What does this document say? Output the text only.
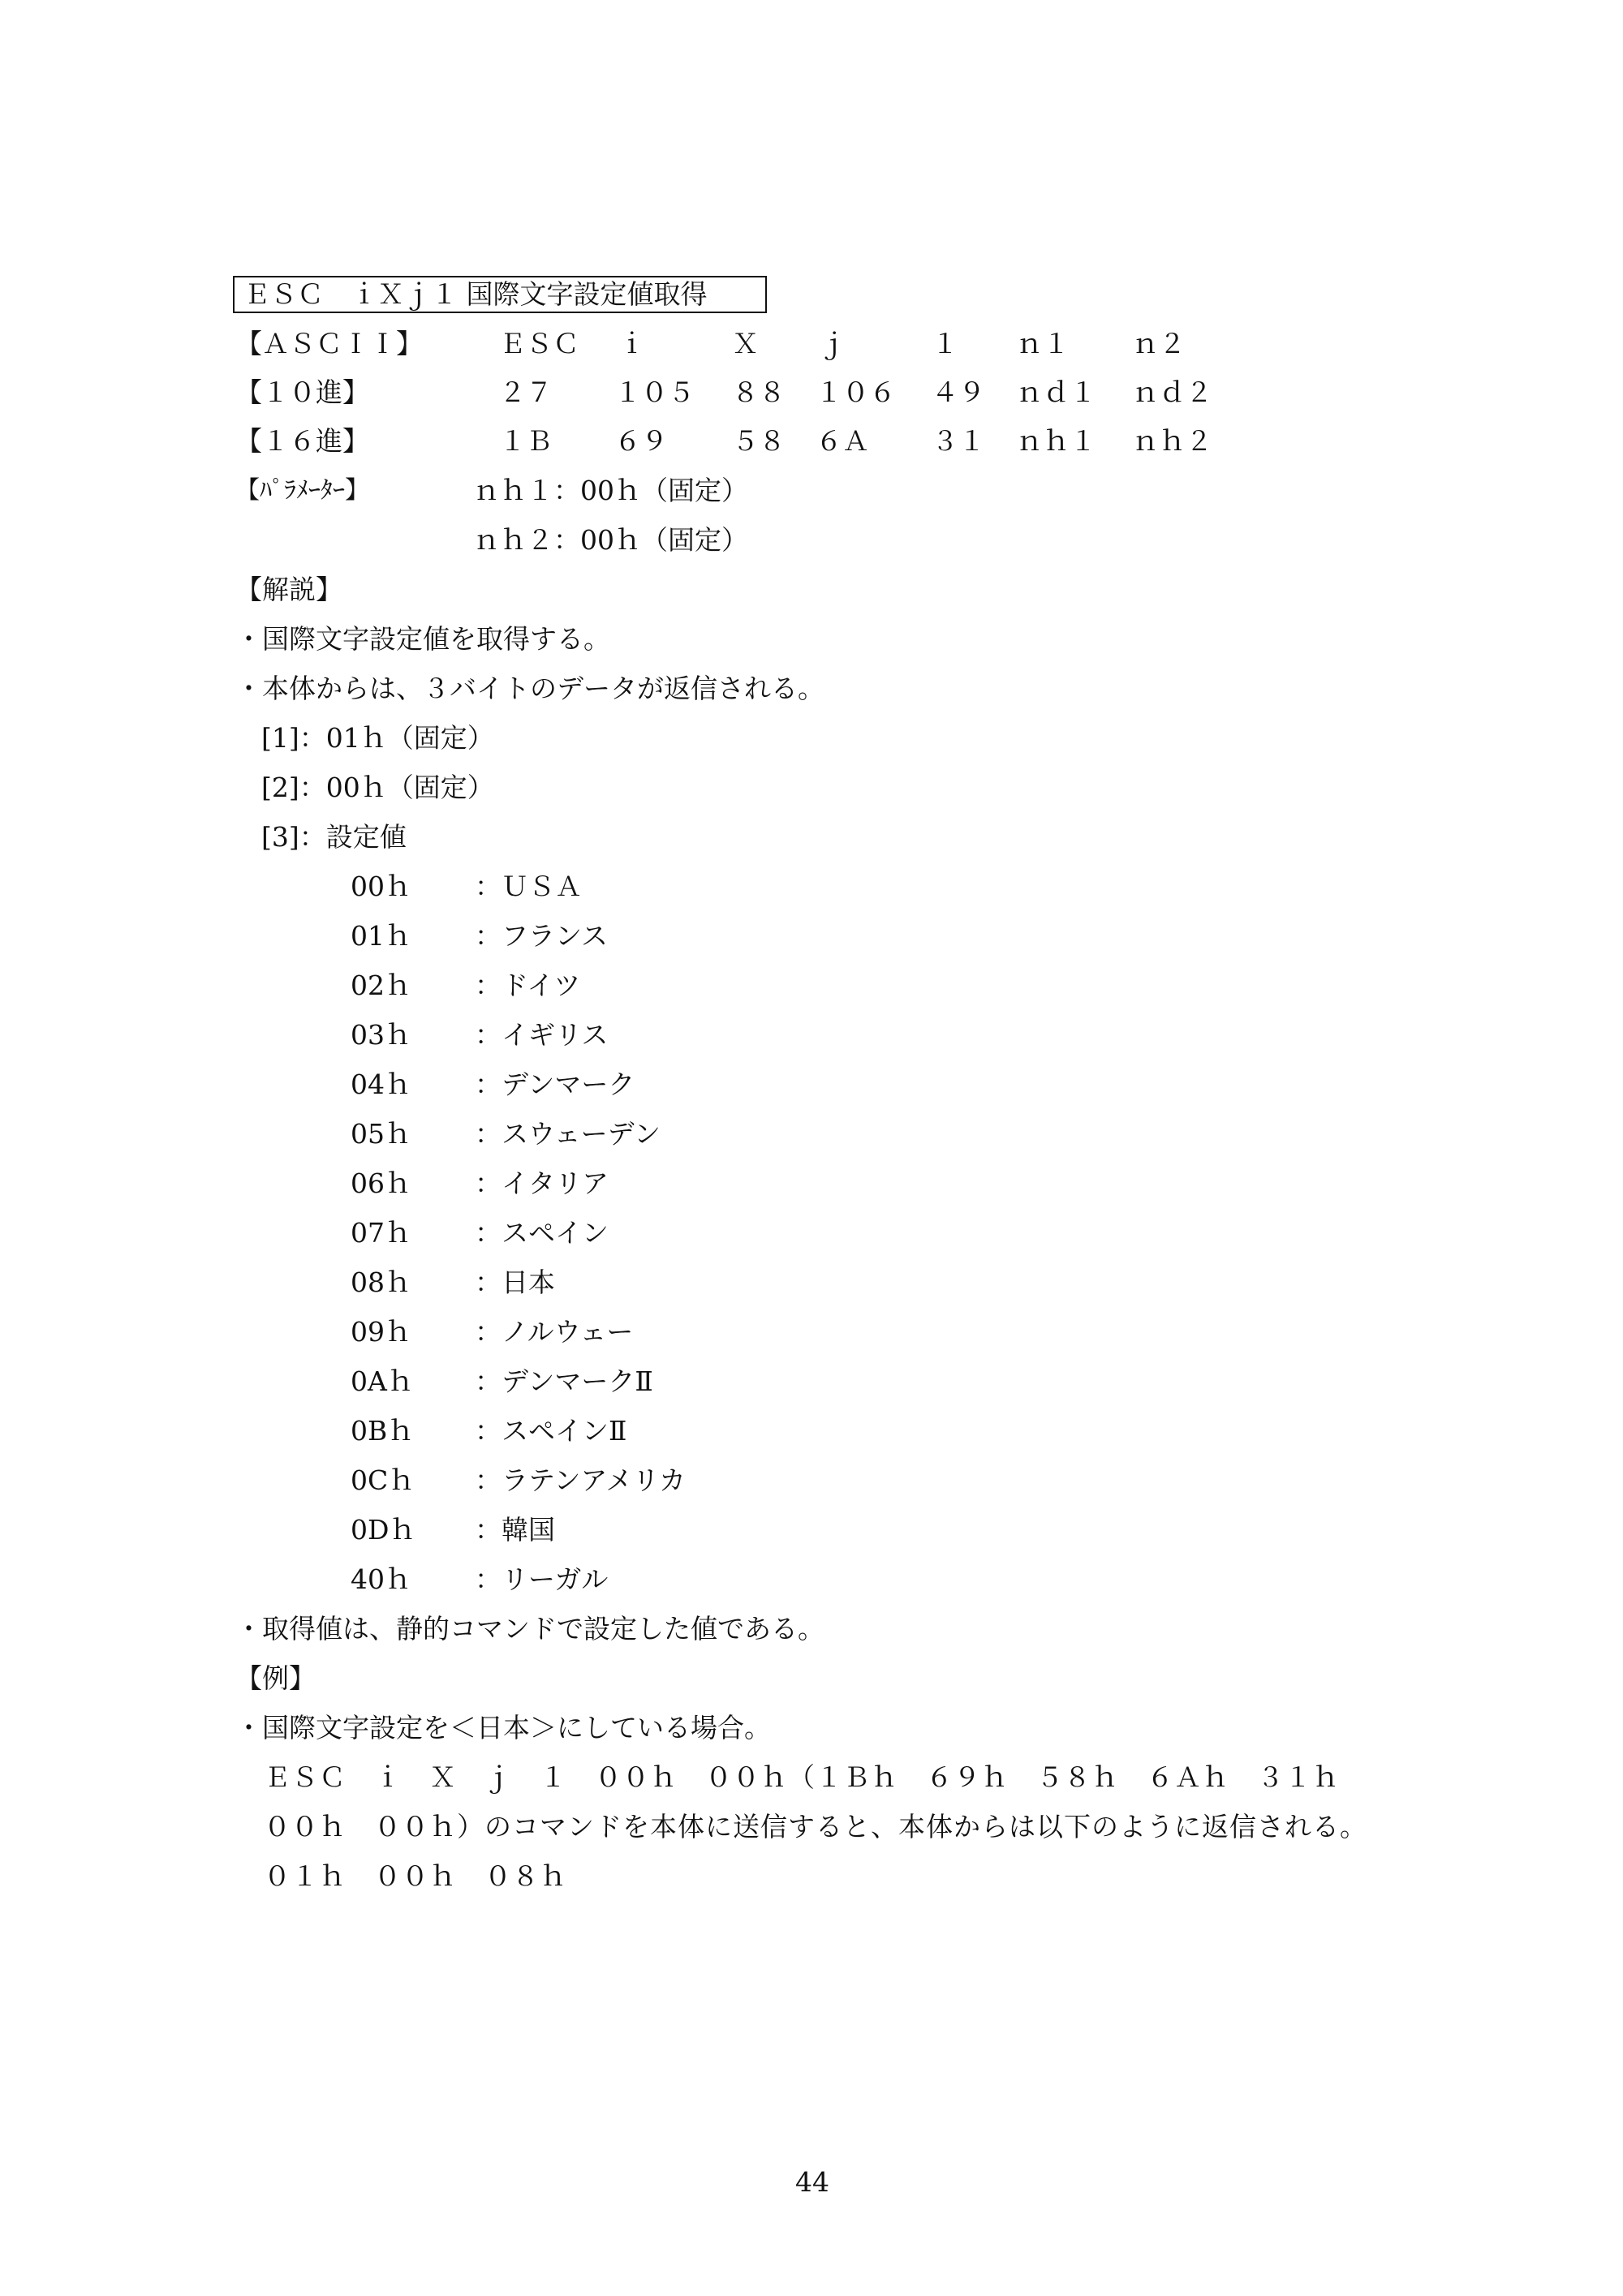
ＥＳＣ　ｉＸｊ１ 国際文字設定値取得
【ＡＳＣＩＩ】	ＥＳＣ ｉ	Ｘ ｊ	１ ｎ１ ｎ２
【１０進】	２７ １０５ ８８ １０６ ４９ ｎｄ１ ｎｄ２
【１６進】	１Ｂ ６９ ５８ ６Ａ ３１ ｎｈ１ ｎｈ２
【ﾊﾟﾗﾒｰﾀｰ】	ｎｈ１：00ｈ（固定）
ｎｈ２：00ｈ（固定）
【解説】
・国際文字設定値を取得する。
・本体からは、３バイトのデータが返信される。
[1]：01ｈ（固定）
[2]：00ｈ（固定）
[3]：設定値
00ｈ ：ＵＳＡ
01ｈ ：フランス
02ｈ ：ドイツ
03ｈ ：イギリス
04ｈ ：デンマーク
05ｈ ：スウェーデン
06ｈ ：イタリア
07ｈ ：スペイン
08ｈ ：日本
09ｈ ：ノルウェー
0Aｈ ：デンマークⅡ
0Bｈ ：スペインⅡ
0Cｈ ：ラテンアメリカ
0Dｈ ：韓国
40ｈ ：リーガル
・取得値は、静的コマンドで設定した値である。
【例】
・国際文字設定を＜日本＞にしている場合。
ＥＳＣ　ｉ　Ｘ　ｊ　１　００ｈ　００ｈ（１Ｂｈ　６９ｈ　５８ｈ　６Ａｈ　３１ｈ
００ｈ　００ｈ）のコマンドを本体に送信すると、本体からは以下のように返信される。
０１ｈ　００ｈ　０８ｈ
44
